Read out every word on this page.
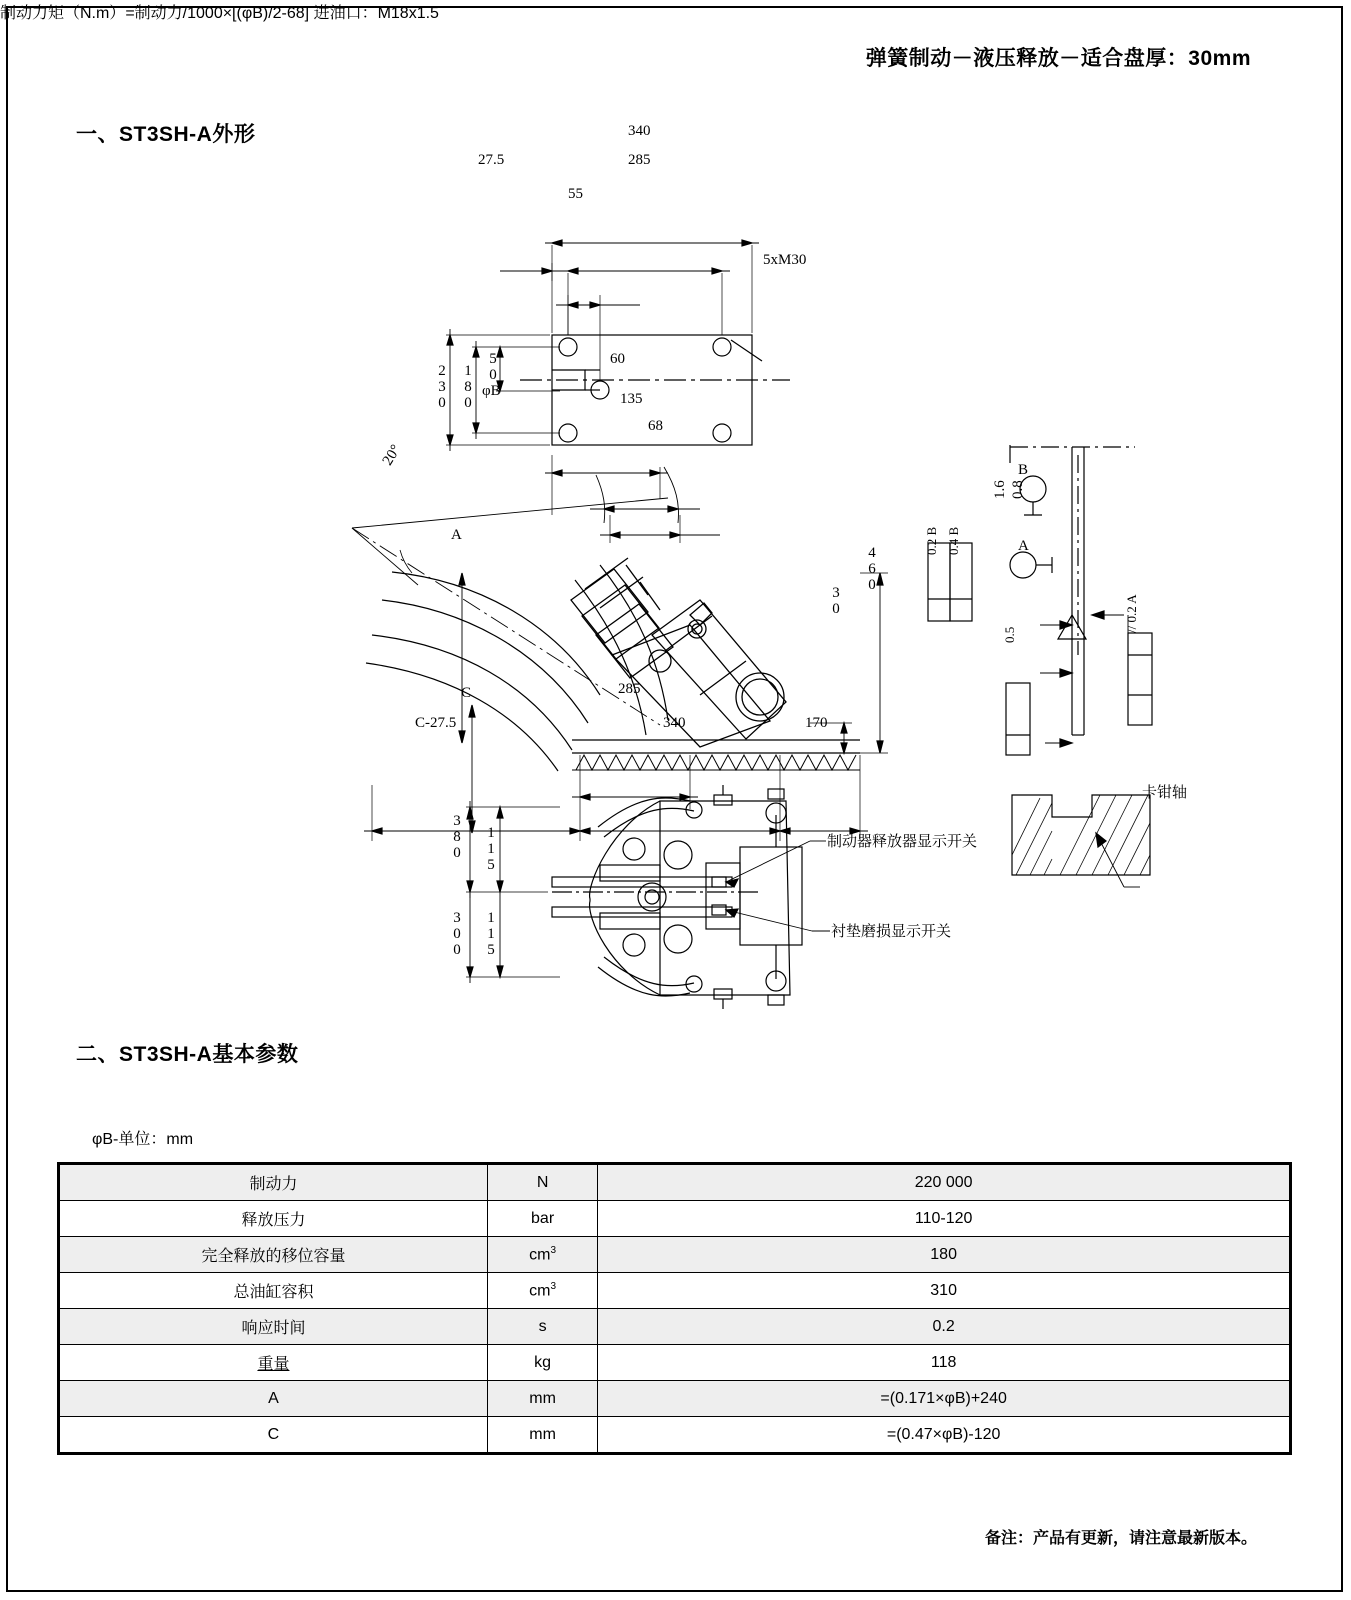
弹簧制动－液压释放－适合盘厚：30mm
一、ST3SH-A外形	340
285
27.5
55
230 180 50
5xM30
60
135
68
φB
20°
A
C
460
30
285
340	170
C-27.5
0.2 B 0.4 B
1.6 0.8
0.5
// 0.2 A
B
A
卡钳轴
380
300
115
115
制动器释放器显示开关
衬垫磨损显示开关
二、ST3SH-A基本参数
制动力矩（N.m）=制动力/1000×[(φB)/2-68] 进油口：M18x1.5
φB-单位：mm
制动力	N	220 000
释放压力	bar	110-120
完全释放的移位容量	$cm^3$	180
总油缸容积	$cm^3$	310
响应时间	s	0.2
重量	kg	118
A	mm	=(0.171×φB)+240
C	mm	=(0.47×φB)-120
备注：产品有更新，请注意最新版本。
